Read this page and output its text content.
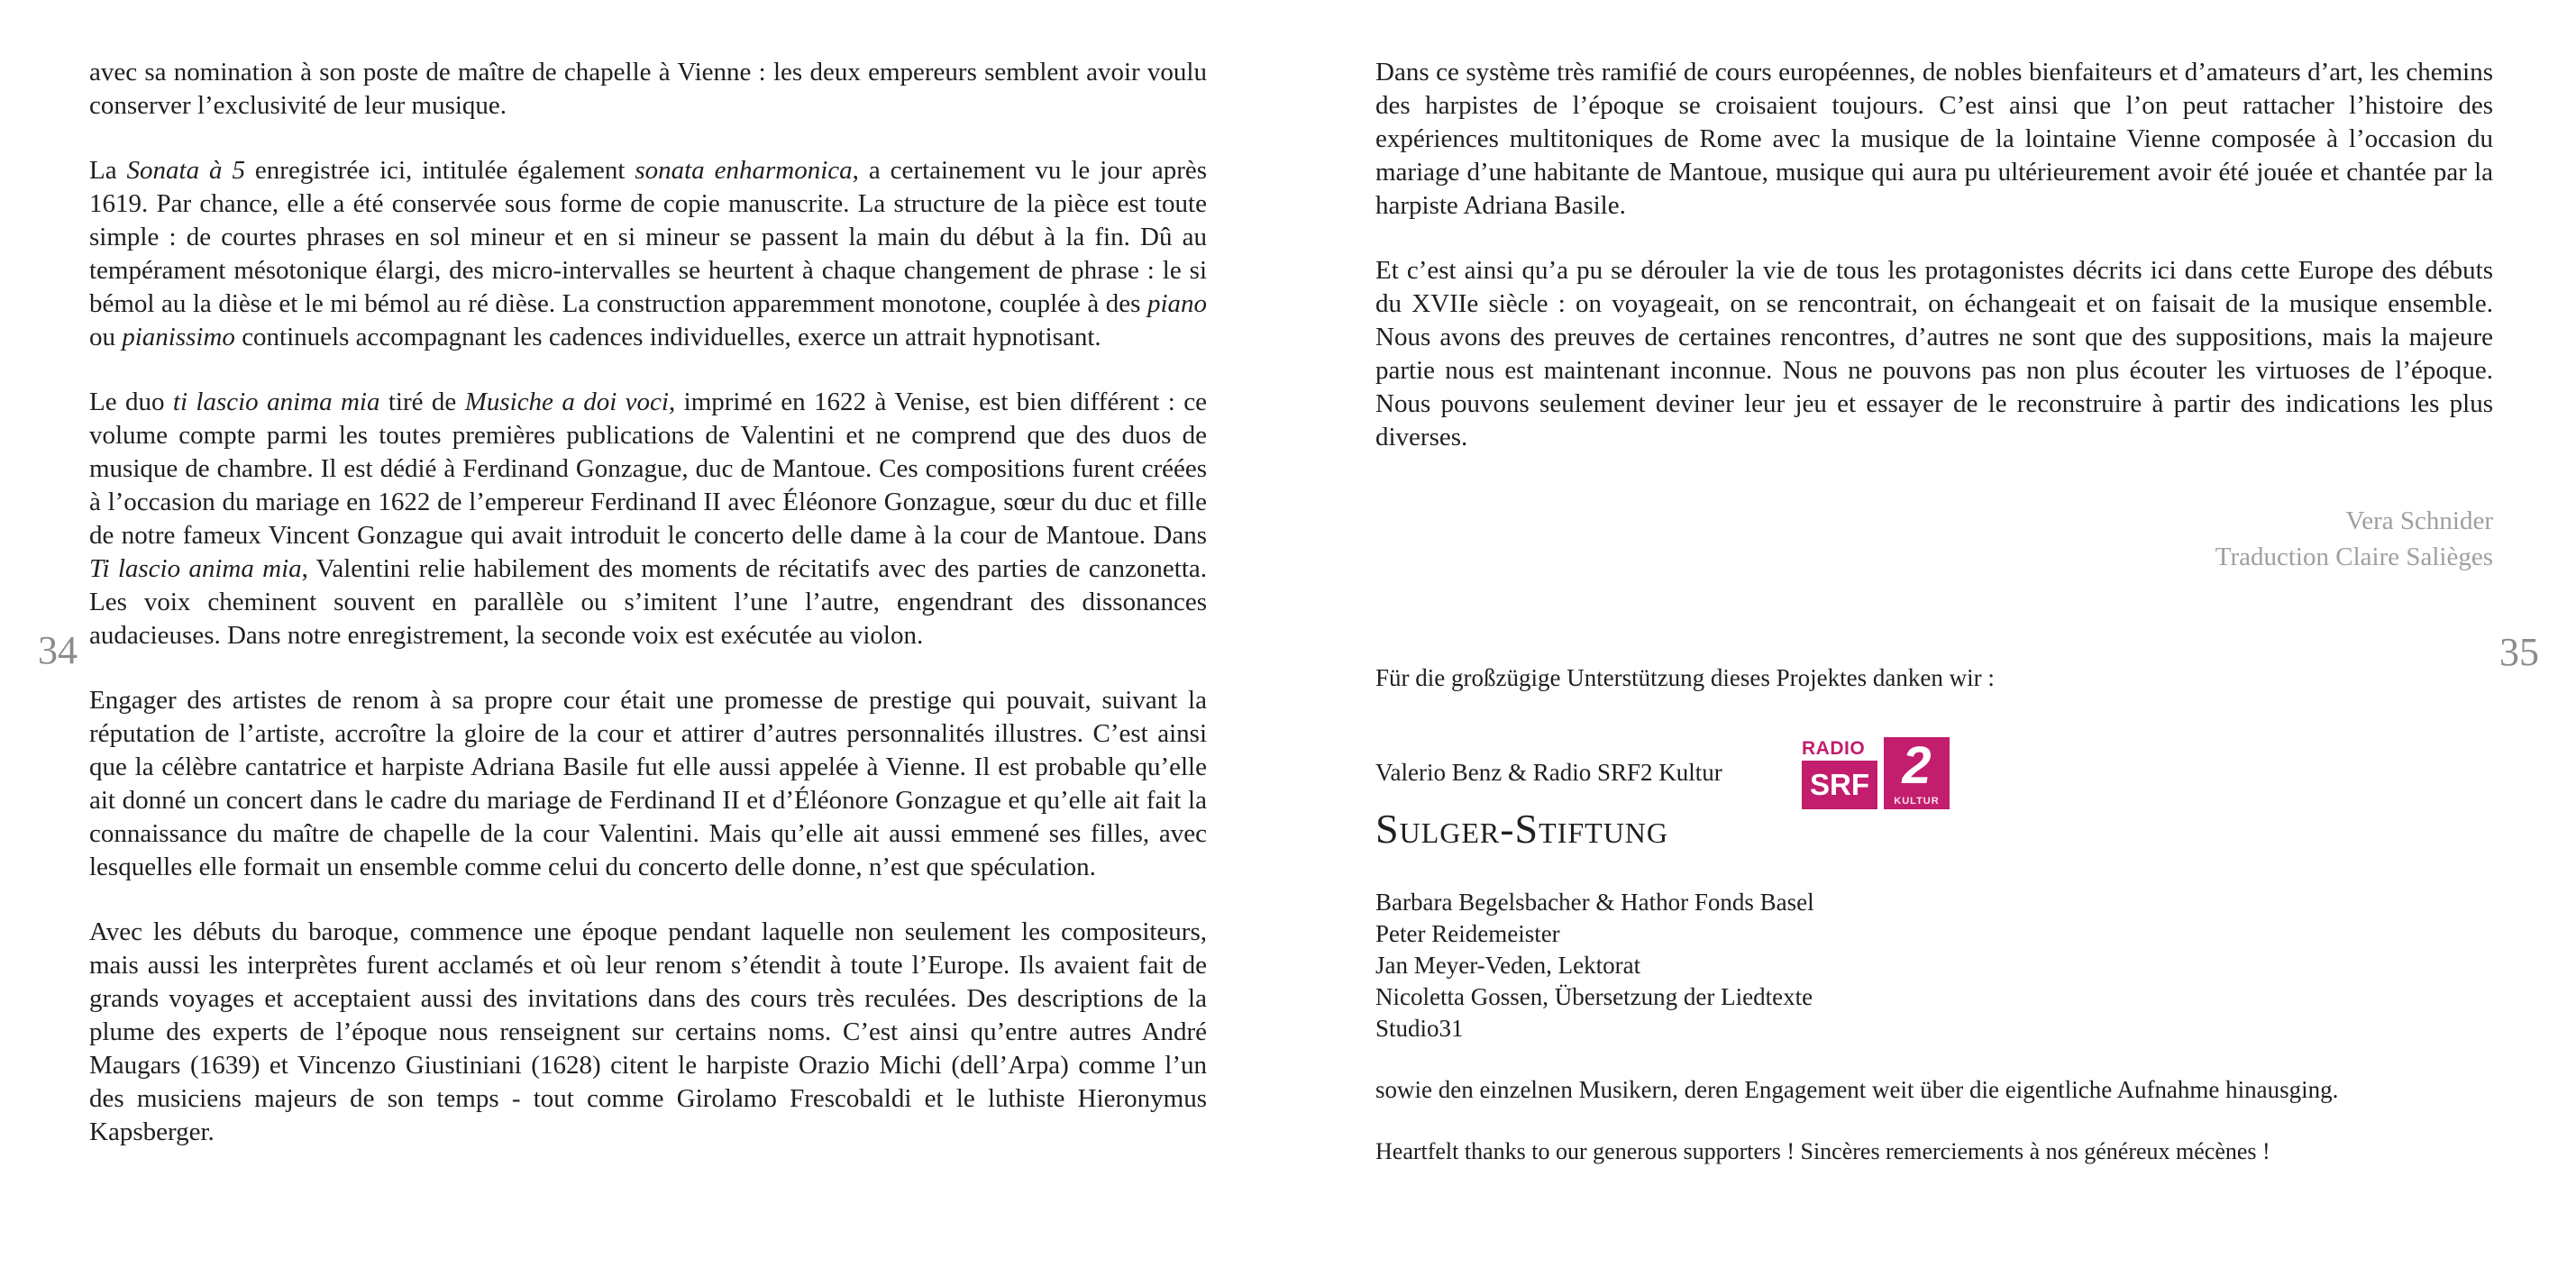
34

avec sa nomination à son poste de maître de chapelle à Vienne : les deux empereurs semblent avoir voulu conserver l’exclusivité de leur musique.

La Sonata à 5 enregistrée ici, intitulée également sonata enharmonica, a certainement vu le jour après 1619. Par chance, elle a été conservée sous forme de copie manuscrite. La structure de la pièce est toute simple : de courtes phrases en sol mineur et en si mineur se passent la main du début à la fin. Dû au tempérament mésotonique élargi, des micro-intervalles se heurtent à chaque changement de phrase : le si bémol au la dièse et le mi bémol au ré dièse. La construction apparemment monotone, couplée à des piano ou pianissimo continuels accompagnant les cadences individuelles, exerce un attrait hypnotisant.

Le duo ti lascio anima mia tiré de Musiche a doi voci, imprimé en 1622 à Venise, est bien différent : ce volume compte parmi les toutes premières publications de Valentini et ne comprend que des duos de musique de chambre. Il est dédié à Ferdinand Gonzague, duc de Mantoue. Ces compositions furent créées à l’occasion du mariage en 1622 de l’empereur Ferdinand II avec Éléonore Gonzague, sœur du duc et fille de notre fameux Vincent Gonzague qui avait introduit le concerto delle dame à la cour de Mantoue. Dans Ti lascio anima mia, Valentini relie habilement des moments de récitatifs avec des parties de canzonetta. Les voix cheminent souvent en parallèle ou s’imitent l’une l’autre, engendrant des dissonances audacieuses. Dans notre enregistrement, la seconde voix est exécutée au violon.

Engager des artistes de renom à sa propre cour était une promesse de prestige qui pouvait, suivant la réputation de l’artiste, accroître la gloire de la cour et attirer d’autres personnalités illustres. C’est ainsi que la célèbre cantatrice et harpiste Adriana Basile fut elle aussi appelée à Vienne. Il est probable qu’elle ait donné un concert dans le cadre du mariage de Ferdinand II et d’Éléonore Gonzague et qu’elle ait fait la connaissance du maître de chapelle de la cour Valentini. Mais qu’elle ait aussi emmené ses filles, avec lesquelles elle formait un ensemble comme celui du concerto delle donne, n’est que spéculation.

Avec les débuts du baroque, commence une époque pendant laquelle non seulement les compositeurs, mais aussi les interprètes furent acclamés et où leur renom s’étendit à toute l’Europe. Ils avaient fait de grands voyages et acceptaient aussi des invitations dans des cours très reculées. Des descriptions de la plume des experts de l’époque nous renseignent sur certains noms. C’est ainsi qu’entre autres André Maugars (1639) et Vincenzo Giustiniani (1628) citent le harpiste Orazio Michi (dell’Arpa) comme l’un des musiciens majeurs de son temps - tout comme Girolamo Frescobaldi et le luthiste Hieronymus Kapsberger.

Dans ce système très ramifié de cours européennes, de nobles bienfaiteurs et d’amateurs d’art, les chemins des harpistes de l’époque se croisaient toujours. C’est ainsi que l’on peut rattacher l’histoire des expériences multitoniques de Rome avec la musique de la lointaine Vienne composée à l’occasion du mariage d’une habitante de Mantoue, musique qui aura pu ultérieurement avoir été jouée et chantée par la harpiste Adriana Basile.

Et c’est ainsi qu’a pu se dérouler la vie de tous les protagonistes décrits ici dans cette Europe des débuts du XVIIe siècle : on voyageait, on se rencontrait, on échangeait et on faisait de la musique ensemble. Nous avons des preuves de certaines rencontres, d’autres ne sont que des suppositions, mais la majeure partie nous est maintenant inconnue. Nous ne pouvons pas non plus écouter les virtuoses de l’époque. Nous pouvons seulement deviner leur jeu et essayer de le reconstruire à partir des indications les plus diverses.

Vera Schnider
Traduction Claire Salièges
Für die großzügige Unterstützung dieses Projektes danken wir :
Valerio Benz & Radio SRF2 Kultur
RADIO
SRF 2
KULTUR
Sulger-Stiftung
Barbara Begelsbacher & Hathor Fonds Basel
Peter Reidemeister
Jan Meyer-Veden, Lektorat
Nicoletta Gossen, Übersetzung der Liedtexte
Studio31
sowie den einzelnen Musikern, deren Engagement weit über die eigentliche Aufnahme hinausging.
Heartfelt thanks to our generous supporters ! Sincères remerciements à nos généreux mécènes !
35
